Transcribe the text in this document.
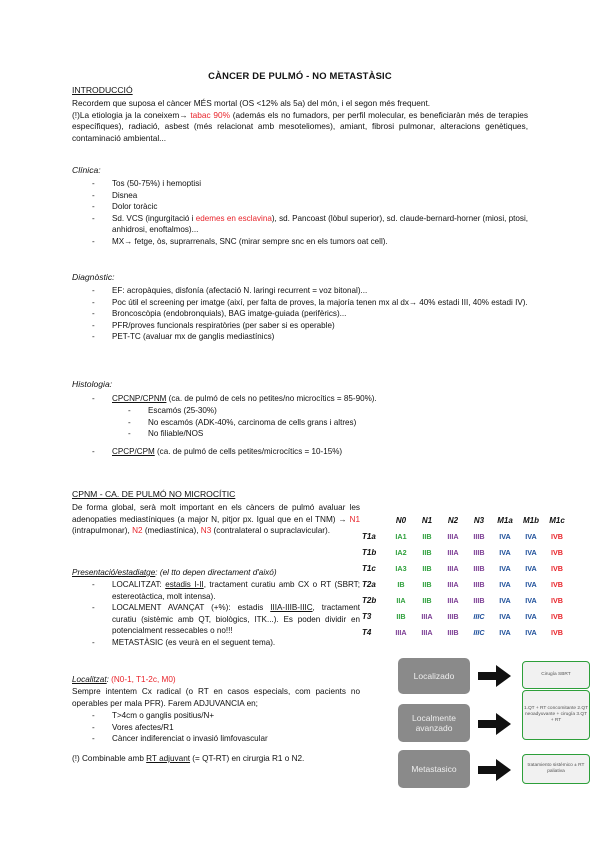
CÀNCER DE PULMÓ - NO METASTÀSIC
INTRODUCCIÓ
Recordem que suposa el càncer MÉS mortal (OS <12% als 5a) del món, i el segon més frequent.
(!)La etiologia ja la coneixem→ tabac 90% (además els no fumadors, per perfil molecular, es beneficiaràn més de terapies específiques), radiació, asbest (més relacionat amb mesoteliomes), amiant, fibrosi pulmonar, alteracions genètiques, contaminació ambiental...
Clínica:
- Tos (50-75%) i hemoptisi
- Disnea
- Dolor toràcic
- Sd. VCS (ingurgitació i edemes en esclavina), sd. Pancoast (lòbul superior), sd. claude-bernard-horner (miosi, ptosi, anhidrosi, enoftalmos)...
- MX→ fetge, òs, suprarrenals, SNC (mirar sempre snc en els tumors oat cell).
Diagnòstic:
- EF: acropàquies, disfonía (afectació N. laringi recurrent = voz bitonal)...
- Poc útil el screening per imatge (així, per falta de proves, la majoría tenen mx al dx→ 40% estadi III, 40% estadi IV).
- Broncoscòpia (endobronquials), BAG imatge-guiada (perifèrics)...
- PFR/proves funcionals respiratòries (per saber si es operable)
- PET-TC (avaluar mx de ganglis mediastínics)
Histologia:
- CPCNP/CPNM (ca. de pulmó de cels no petites/no microcítics = 85-90%).
- Escamós (25-30%)
- No escamós (ADK-40%, carcinoma de cells grans i altres)
- No filiable/NOS
- CPCP/CPM (ca. de pulmó de cells petites/microcítics = 10-15%)
CPNM - CA. DE PULMÓ NO MICROCÍTIC
De forma global, serà molt important en els càncers de pulmó avaluar les adenopaties mediastíniques (a major N, pitjor px. Igual que en el TNM) → N1 (intrapulmonar), N2 (mediastínica), N3 (contralateral o supraclavicular).
Presentació/estadiatge: (el tto depen directament d'aixó)
- LOCALITZAT: estadis I-II, tractament curatiu amb CX o RT (SBRT; estereotàctica, molt intensa).
- LOCALMENT AVANÇAT (+%): estadis IIIA-IIIB-IIIC, tractament curatiu (sistèmic amb QT, biològics, ITK...). Es poden dividir en potencialment ressecables o no!!!
- METASTÀSIC (es veurà en el seguent tema).
Localitzat: (N0-1, T1-2c, M0)
Sempre intentem Cx radical (o RT en casos especials, com pacients no operables per mala PFR). Farem ADJUVANCIA en;
- T>4cm o ganglis positius/N+
- Vores afectes/R1
- Càncer indiferenciat o invasió limfovascular
(!) Combinable amb RT adjuvant (= QT-RT) en cirurgia R1 o N2.
	N0	N1	N2	N3	M1a	M1b	M1c
T1a	IA1	IIB	IIIA	IIIB	IVA	IVA	IVB
T1b	IA2	IIB	IIIA	IIIB	IVA	IVA	IVB
T1c	IA3	IIB	IIIA	IIIB	IVA	IVA	IVB
T2a	IB	IIB	IIIA	IIIB	IVA	IVA	IVB
T2b	IIA	IIB	IIIA	IIIB	IVA	IVA	IVB
T3	IIB	IIIA	IIIB	IIIC	IVA	IVA	IVB
T4	IIIA	IIIA	IIIB	IIIC	IVA	IVA	IVB
Localizado	Cirugía SBRT
Localmente avanzado
1.QT + RT concomitante 2.QT neoadyuvante + cirugía 3.QT + RT
Metastasico	tratamiento sistémico ± RT paliativa
